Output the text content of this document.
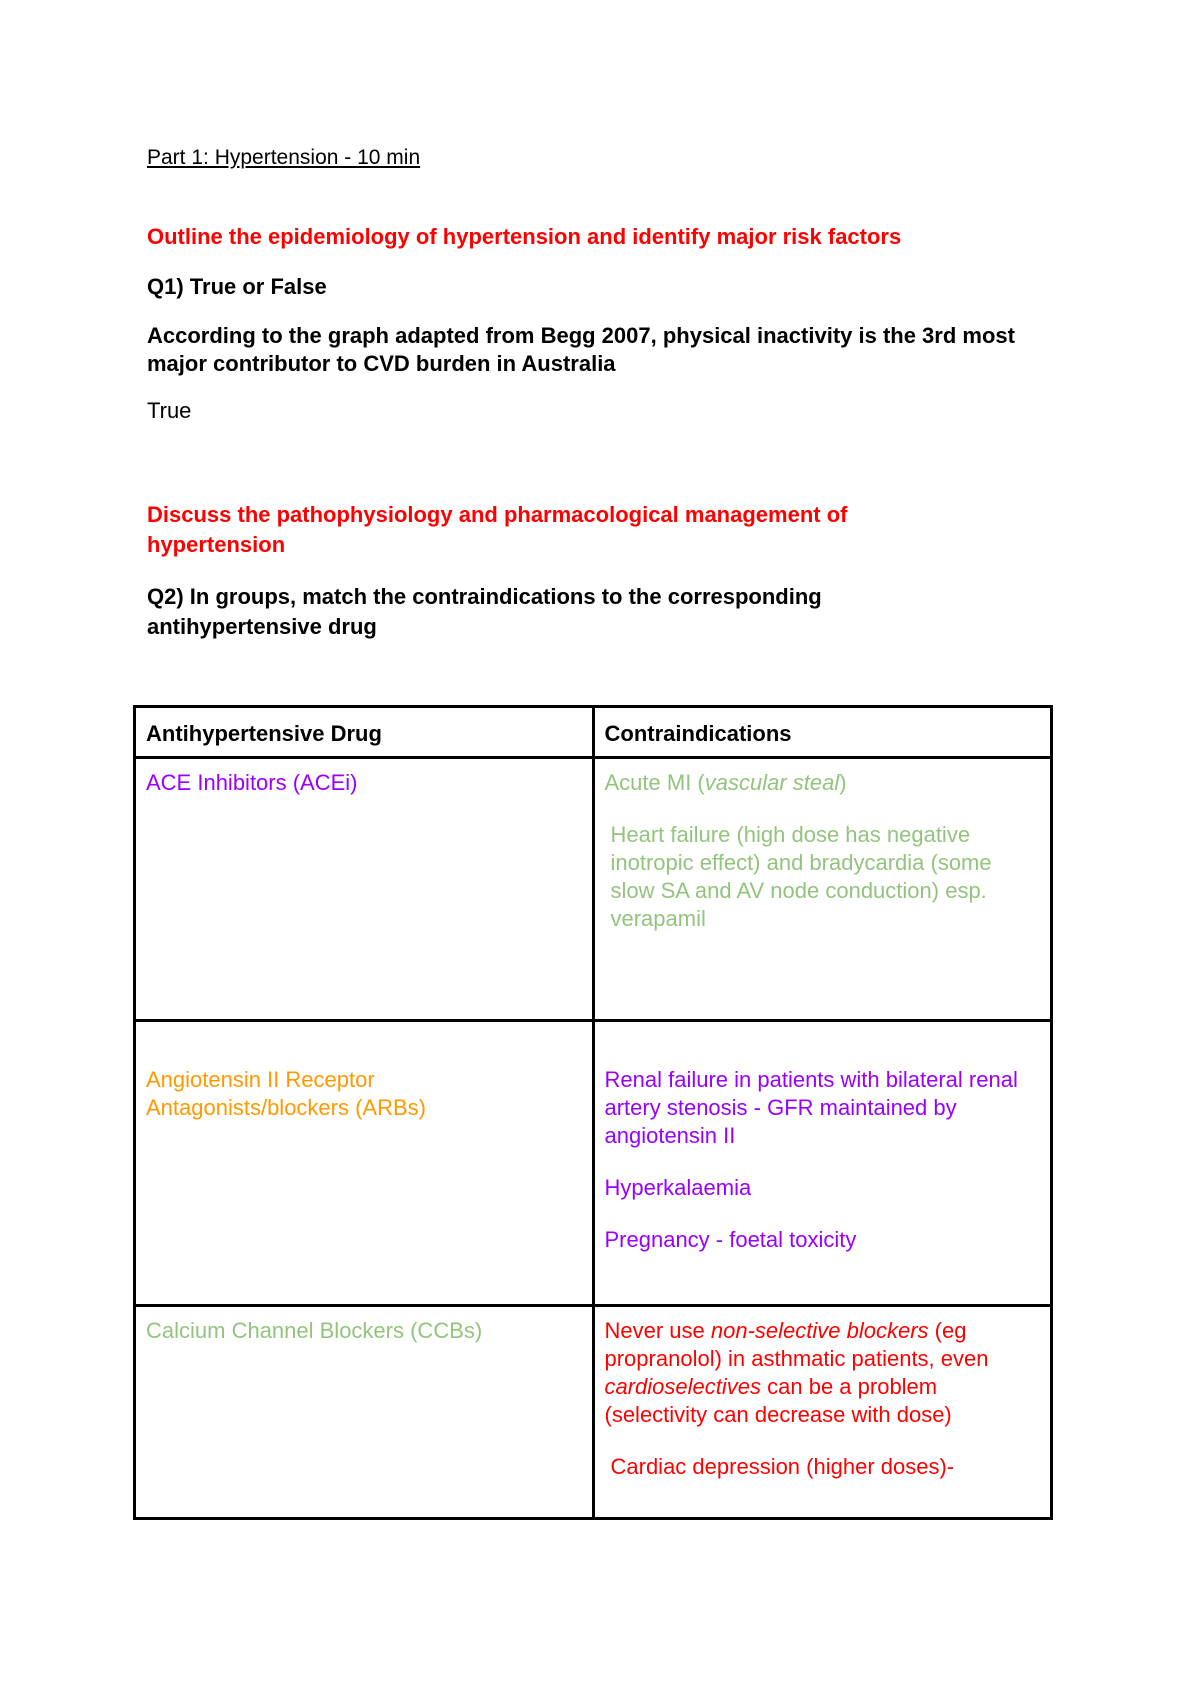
Part 1: Hypertension - 10 min
Outline the epidemiology of hypertension and identify major risk factors
Q1) True or False
According to the graph adapted from Begg 2007, physical inactivity is the 3rd most major contributor to CVD burden in Australia
True
Discuss the pathophysiology and pharmacological management of hypertension
Q2) In groups, match the contraindications to the corresponding antihypertensive drug
Antihypertensive Drug	Contraindications
ACE Inhibitors (ACEi)	Acute MI (vascular steal)
Heart failure (high dose has negative inotropic effect) and bradycardia (some slow SA and AV node conduction) esp. verapamil

Angiotensin II Receptor Antagonists/blockers (ARBs)	Renal failure in patients with bilateral renal artery stenosis - GFR maintained by angiotensin II
Hyperkalaemia
Pregnancy - foetal toxicity

Calcium Channel Blockers (CCBs)	Never use non-selective blockers (eg propranolol) in asthmatic patients, even cardioselectives can be a problem (selectivity can decrease with dose)
Cardiac depression (higher doses)-
